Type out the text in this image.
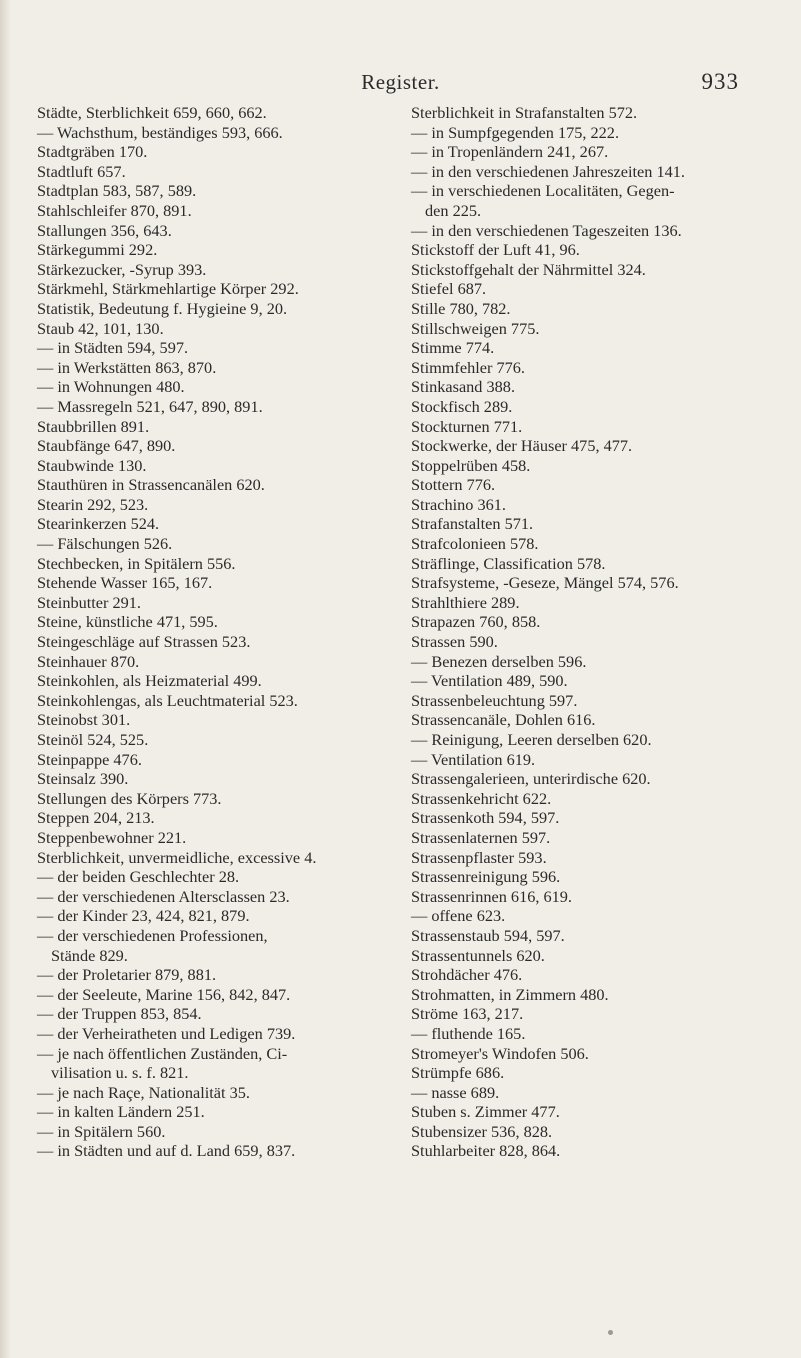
Register.	933
Städte, Sterblichkeit 659, 660, 662.
— Wachsthum, beständiges 593, 666.
Stadtgräben 170.
Stadtluft 657.
Stadtplan 583, 587, 589.
Stahlschleifer 870, 891.
Stallungen 356, 643.
Stärkegummi 292.
Stärkezucker, -Syrup 393.
Stärkmehl, Stärkmehlartige Körper 292.
Statistik, Bedeutung f. Hygieine 9, 20.
Staub 42, 101, 130.
— in Städten 594, 597.
— in Werkstätten 863, 870.
— in Wohnungen 480.
— Massregeln 521, 647, 890, 891.
Staubbrillen 891.
Staubfänge 647, 890.
Staubwinde 130.
Stauthüren in Strassencanälen 620.
Stearin 292, 523.
Stearinkerzen 524.
— Fälschungen 526.
Stechbecken, in Spitälern 556.
Stehende Wasser 165, 167.
Steinbutter 291.
Steine, künstliche 471, 595.
Steingeschläge auf Strassen 523.
Steinhauer 870.
Steinkohlen, als Heizmaterial 499.
Steinkohlengas, als Leuchtmaterial 523.
Steinobst 301.
Steinöl 524, 525.
Steinpappe 476.
Steinsalz 390.
Stellungen des Körpers 773.
Steppen 204, 213.
Steppenbewohner 221.
Sterblichkeit, unvermeidliche, excessive 4.
— der beiden Geschlechter 28.
— der verschiedenen Altersclassen 23.
— der Kinder 23, 424, 821, 879.
— der verschiedenen Professionen,
Stände 829.
— der Proletarier 879, 881.
— der Seeleute, Marine 156, 842, 847.
— der Truppen 853, 854.
— der Verheiratheten und Ledigen 739.
— je nach öffentlichen Zuständen, Ci-
vilisation u. s. f. 821.
— je nach Raçe, Nationalität 35.
— in kalten Ländern 251.
— in Spitälern 560.
— in Städten und auf d. Land 659, 837.
Sterblichkeit in Strafanstalten 572.
— in Sumpfgegenden 175, 222.
— in Tropenländern 241, 267.
— in den verschiedenen Jahreszeiten 141.
— in verschiedenen Localitäten, Gegen-
den 225.
— in den verschiedenen Tageszeiten 136.
Stickstoff der Luft 41, 96.
Stickstoffgehalt der Nährmittel 324.
Stiefel 687.
Stille 780, 782.
Stillschweigen 775.
Stimme 774.
Stimmfehler 776.
Stinkasand 388.
Stockfisch 289.
Stockturnen 771.
Stockwerke, der Häuser 475, 477.
Stoppelrüben 458.
Stottern 776.
Strachino 361.
Strafanstalten 571.
Strafcolonieen 578.
Sträflinge, Classification 578.
Strafsysteme, -Geseze, Mängel 574, 576.
Strahlthiere 289.
Strapazen 760, 858.
Strassen 590.
— Benezen derselben 596.
— Ventilation 489, 590.
Strassenbeleuchtung 597.
Strassencanäle, Dohlen 616.
— Reinigung, Leeren derselben 620.
— Ventilation 619.
Strassengalerieen, unterirdische 620.
Strassenkehricht 622.
Strassenkoth 594, 597.
Strassenlaternen 597.
Strassenpflaster 593.
Strassenreinigung 596.
Strassenrinnen 616, 619.
— offene 623.
Strassenstaub 594, 597.
Strassentunnels 620.
Strohdächer 476.
Strohmatten, in Zimmern 480.
Ströme 163, 217.
— fluthende 165.
Stromeyer's Windofen 506.
Strümpfe 686.
— nasse 689.
Stuben s. Zimmer 477.
Stubensizer 536, 828.
Stuhlarbeiter 828, 864.
